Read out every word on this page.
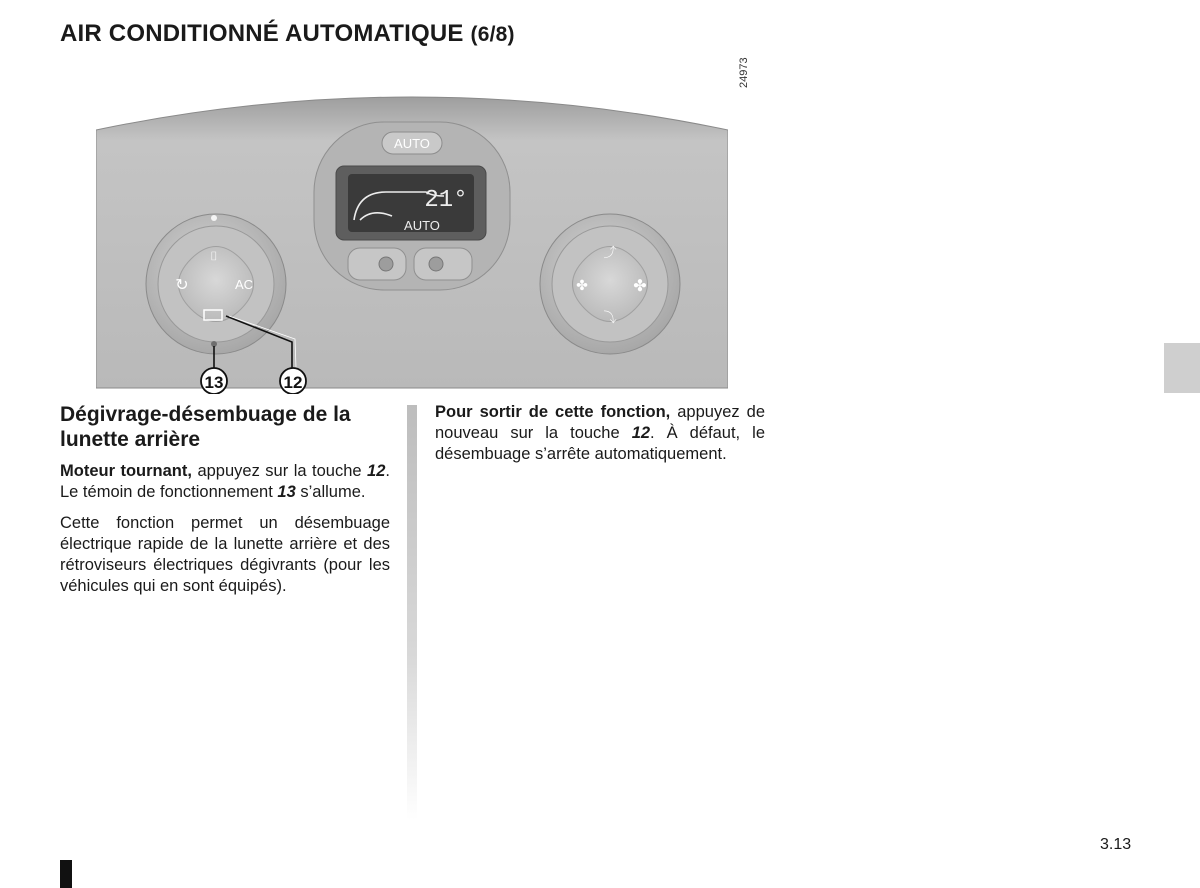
AIR CONDITIONNÉ AUTOMATIQUE (6/8)
24973
AUTO
21°
AUTO
⌷
↻	AC
⤴
✤	✤
⤵
13	12
Dégivrage-désembuage de la lunette arrière

Moteur tournant, appuyez sur la touche 12. Le témoin de fonctionnement 13 s’allume.

Cette fonction permet un désembuage électrique rapide de la lunette arrière et des rétroviseurs électriques dégivrants (pour les véhicules qui en sont équipés).

Pour sortir de cette fonction, appuyez de nouveau sur la touche 12. À défaut, le désembuage s’arrête automatiquement.

3.13
